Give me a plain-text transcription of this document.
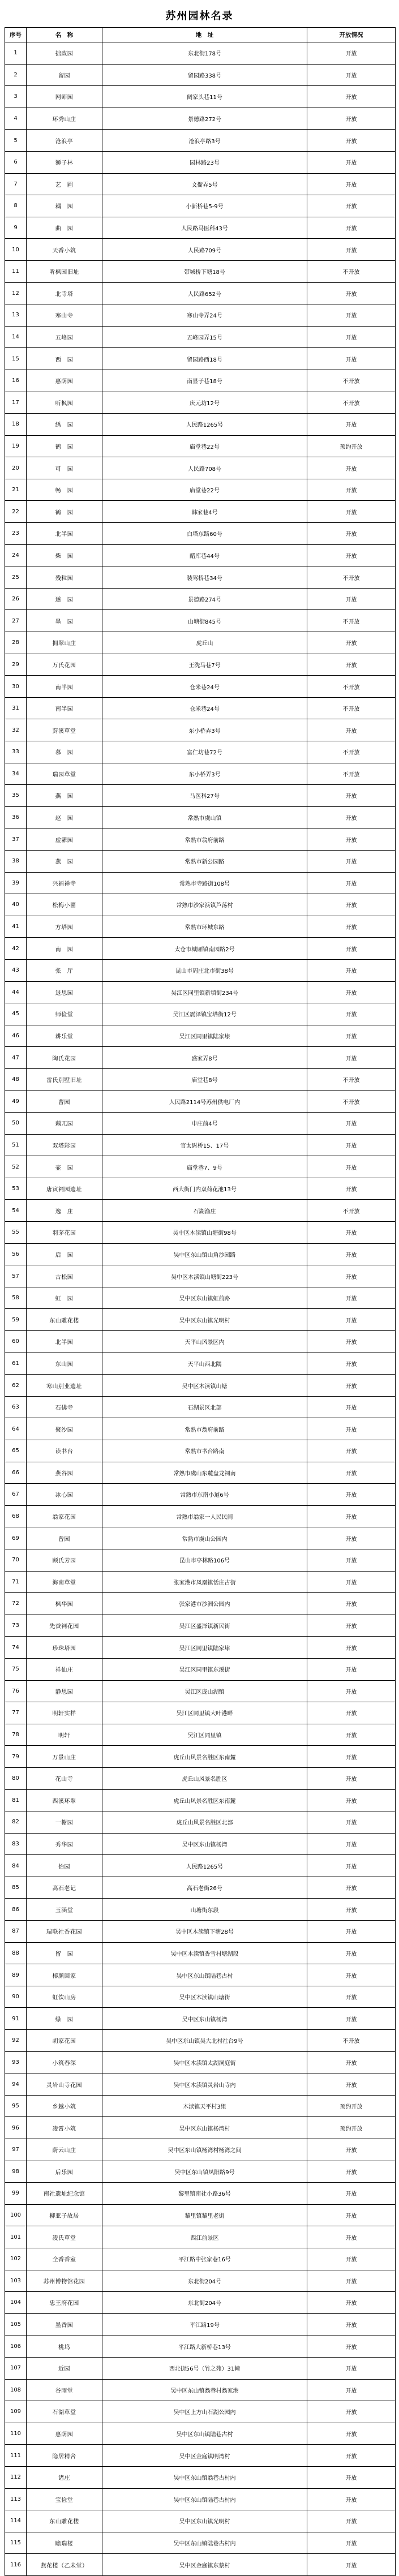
苏州园林名录
序号	名　称	地　址	开放情况
1	拙政园	东北街178号	开放
2	留园	留园路338号	开放
3	网师园	阔家头巷11号	开放
4	环秀山庄	景德路272号	开放
5	沧浪亭	沧浪亭路3号	开放
6	狮子林	园林路23号	开放
7	艺　圃	文衙弄5号	开放
8	耦　园	小新桥巷5-9号	开放
9	曲　园	人民路马医科43号	开放
10	天香小筑	人民路709号	开放
11	听枫园旧址	带城桥下塘18号	不开放
12	北寺塔	人民路652号	开放
13	寒山寺	寒山寺弄24号	开放
14	五峰园	五峰园弄15号	开放
15	西　园	留园路西18号	开放
16	惠荫园	南显子巷18号	不开放
17	听枫园	庆元坊12号	不开放
18	绣　园	人民路1265号	开放
19	鹤　园	庙堂巷22号	预约开放
20	可　园	人民路708号	开放
21	畅　园	庙堂巷22号	开放
22	鹤　园	韩家巷4号	开放
23	北半园	白塔东路60号	开放
24	柴　园	醋库巷44号	开放
25	残粒园	装驾桥巷34号	不开放
26	遂　园	景德路274号	开放
27	墨　园	山塘街845号	不开放
28	拥翠山庄	虎丘山	开放
29	万氏花园	王洗马巷7号	开放
30	南半园	仓米巷24号	不开放
31	南半园	仓米巷24号	不开放
32	葑溪草堂	东小桥弄3号	开放
33	慕　园	富仁坊巷72号	不开放
34	瑞园草堂	东小桥弄3号	不开放
35	燕　园	马医科27号	开放
36	赵　园	常熟市虞山镇	开放
37	虚霩园	常熟市翁府前路	开放
38	燕　园	常熟市新公园路	开放
39	兴福禅寺	常熟市寺路街108号	开放
40	松梅小圃	常熟市沙家浜镇芦荡村	开放
41	方塔园	常熟市环城东路	开放
42	南　园	太仓市城厢镇南园路2号	开放
43	张　厅	昆山市周庄北市街38号	开放
44	退思园	吴江区同里镇新填街234号	开放
45	师俭堂	吴江区震泽镇宝塔街12号	开放
46	耕乐堂	吴江区同里镇陆家埭	开放
47	陶氏花园	盛家弄8号	开放
48	雷氏别墅旧址	庙堂巷8号	不开放
49	曹园	人民路2114号苏州供电厂内	不开放
50	藕兀园	申庄前4号	开放
51	双塔影园	官太尉桥15、17号	开放
52	壶　园	庙堂巷7、9号	开放
53	唐寅祠园遗址	西大街门内双荷花池13号	开放
54	逸　庄	石湖渔庄	不开放
55	羽茅花园	吴中区木渎镇山塘街98号	开放
56	启　园	吴中区东山镇山角沙园路	开放
57	古松园	吴中区木渎镇山塘街223号	开放
58	虹　园	吴中区东山镇虹前路	开放
59	东山雕花楼	吴中区东山镇光明村	开放
60	北半园	天平山风景区内	开放
61	东山园	天平山西北隅	开放
62	寒山别业遗址	吴中区木渎镇山塘	开放
63	石佛寺	石湖景区北部	开放
64	聚沙园	常熟市翁府前路	开放
65	读书台	常熟市书台路南	开放
66	燕谷园	常熟市虞山东麓盘龙祠南	开放
67	冰心园	常熟市东南小道6号	开放
68	翁家花园	常熟市翁家一人民民间	开放
69	曾园	常熟市虞山公园内	开放
70	顾氏芳园	昆山市亭林路106号	开放
71	海南草堂	张家港市凤凰镇恬庄古街	开放
72	枫华园	张家港市沙洲公园内	开放
73	先蚕祠花园	吴江区盛泽镇新民街	开放
74	珍珠塔园	吴江区同里镇陆家埭	开放
75	祥仙庄	吴江区同里镇东溪街	开放
76	静思园	吴江区庞山湖镇	开放
77	明轩实样	吴江区同里镇大叶港畔	开放
78	明轩	吴江区同里镇	开放
79	万景山庄	虎丘山风景名胜区东南麓	开放
80	花山寺	虎丘山风景名胜区	开放
81	西溪环翠	虎丘山风景名胜区东南麓	开放
82	一榭园	虎丘山风景名胜区北部	开放
83	秀华园	吴中区东山镇杨湾	开放
84	怡园	人民路1265号	开放
85	高石老记	高石老街26号	开放
86	玉涵堂	山塘街东段	开放
87	瑞联社香花园	吴中区木渎镇下塘28号	开放
88	留　园	吴中区木渎镇香雪村塘湖段	开放
89	榕颜回家	吴中区东山镇陆巷古村	开放
90	虹饮山房	吴中区木渎镇山塘街	开放
91	绿　园	吴中区东山镇杨湾	开放
92	胡家花园	吴中区东山镇吴大北村社台9号	不开放
93	小筑春深	吴中区木渎镇太湖洞庭街	开放
94	灵岩山寺花园	吴中区木渎镇灵岩山寺内	开放
95	乡越小筑	木渎镇天平村3组	预约开放
96	凌霄小筑	吴中区东山镇杨湾村	预约开放
97	蔚云山庄	吴中区东山镇杨湾村杨湾之间	开放
98	后乐园	吴中区东山镇凤阳路9号	开放
99	南社遗址纪念馆	黎里镇南社小路36号	开放
100	柳亚子故居	黎里镇黎里老街	开放
101	凌氏草堂	西江前景区	开放
102	全香香室	平江路中张家巷16号	开放
103	苏州博物馆花园	东北街204号	开放
104	忠王府花园	东北街204号	开放
105	墨香园	平江路19号	开放
106	桃坞	平江路大新桥巷13号	开放
107	近园	西北街56号（竹之苑）31幢	开放
108	谷雨堂	吴中区东山镇翁巷村翁家港	开放
109	石湖草堂	吴中区上方山石湖公园内	开放
110	惠荫园	吴中区东山镇陆巷古村	开放
111	隐居精舍	吴中区金庭镇明湾村	开放
112	诸庄	吴中区东山镇翁巷古村内	开放
113	宝俭堂	吴中区东山镇陆巷古村内	开放
114	东山雕花楼	吴中区东山镇光明村	开放
115	瞻瑞楼	吴中区东山镇陆巷古村内	开放
116	燕花楼（乙未堂）	吴中区金庭镇东蔡村	开放
